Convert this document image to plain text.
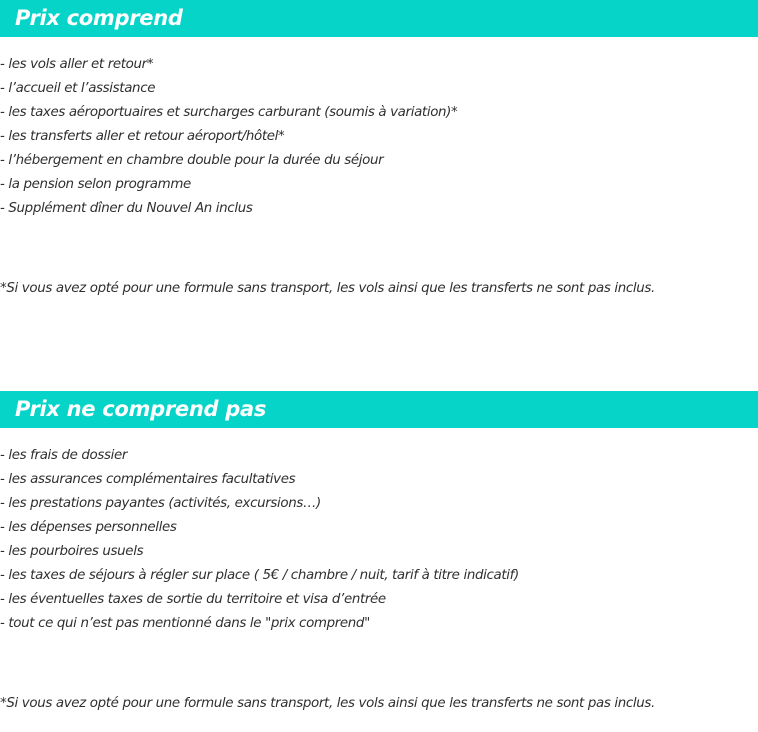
Prix comprend
- les vols aller et retour*
- l’accueil et l’assistance
- les taxes aéroportuaires et surcharges carburant (soumis à variation)*
- les transferts aller et retour aéroport/hôtel*
- l’hébergement en chambre double pour la durée du séjour
- la pension selon programme
- Supplément dîner du Nouvel An inclus
*Si vous avez opté pour une formule sans transport, les vols ainsi que les transferts ne sont pas inclus.
Prix ne comprend pas
- les frais de dossier
- les assurances complémentaires facultatives
- les prestations payantes (activités, excursions…)
- les dépenses personnelles
- les pourboires usuels
- les taxes de séjours à régler sur place ( 5€ / chambre / nuit, tarif à titre indicatif)
- les éventuelles taxes de sortie du territoire et visa d’entrée
- tout ce qui n’est pas mentionné dans le "prix comprend"
*Si vous avez opté pour une formule sans transport, les vols ainsi que les transferts ne sont pas inclus.
